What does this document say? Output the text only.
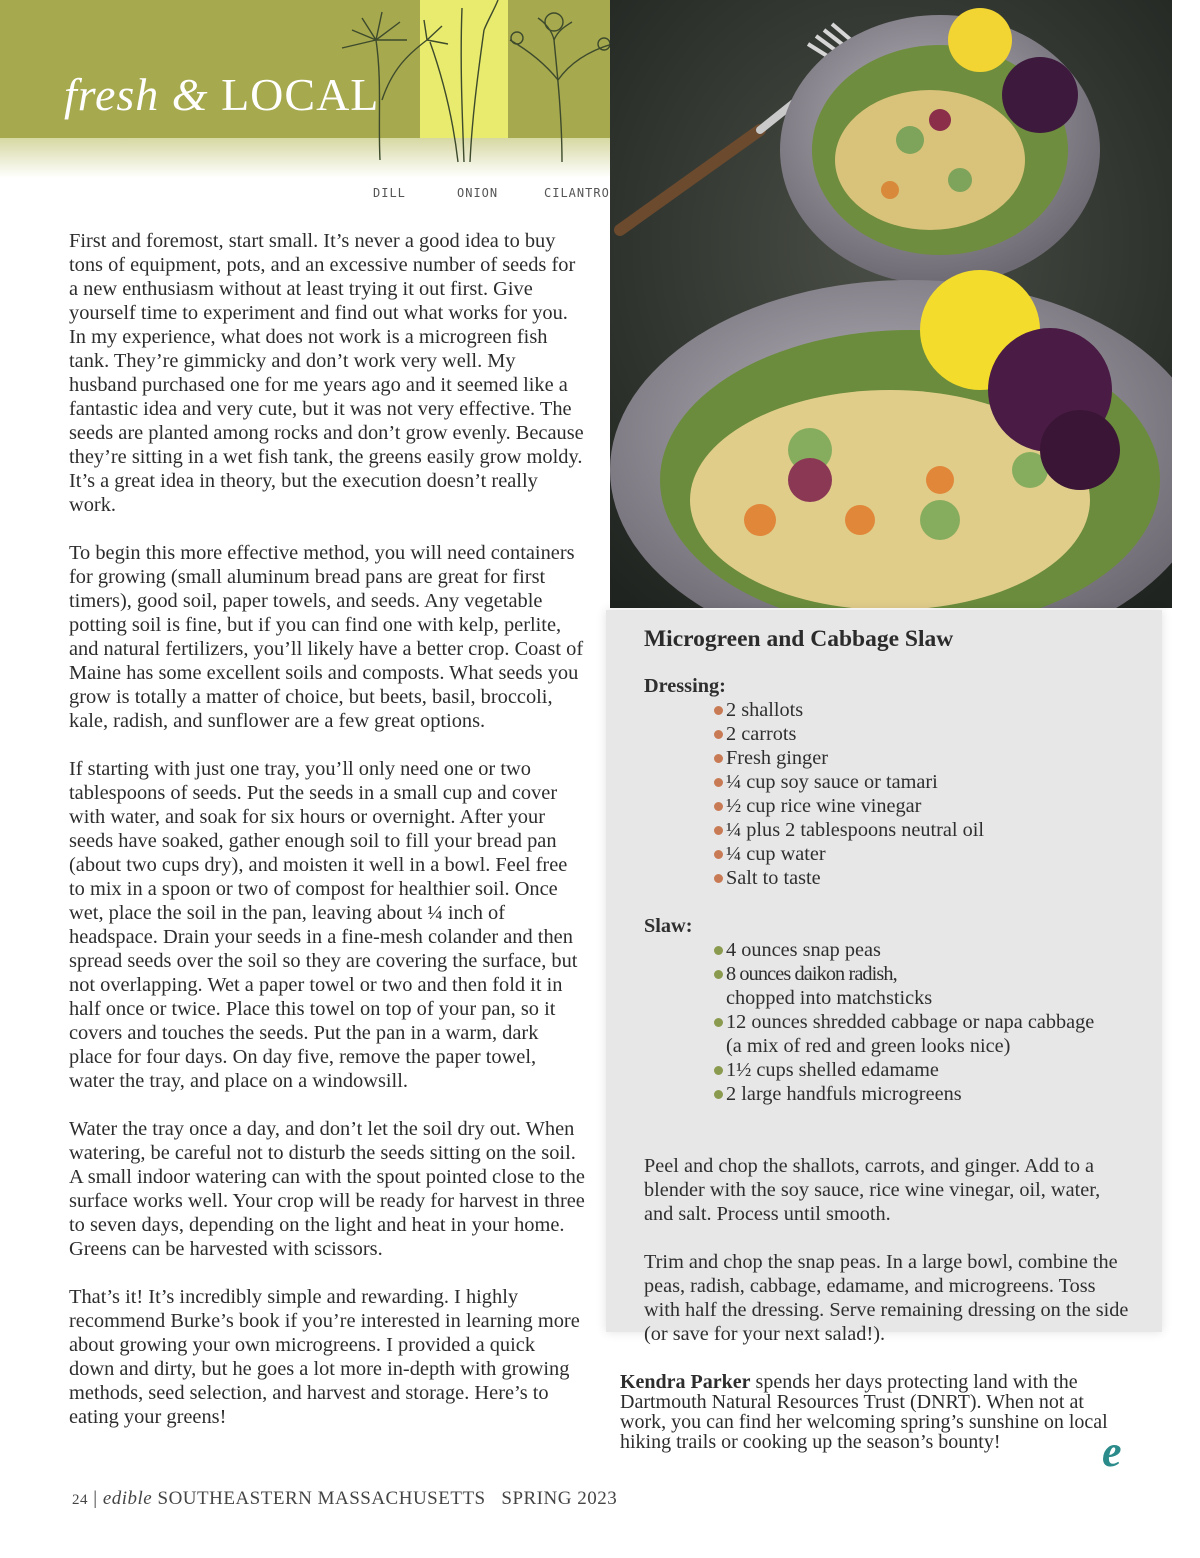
fresh & LOCAL
DILL	ONION	CILANTRO

First and foremost, start small. It’s never a good idea to buy tons of equipment, pots, and an excessive number of seeds for a new enthusiasm without at least trying it out first. Give yourself time to experiment and find out what works for you. In my experience, what does not work is a microgreen fish tank. They’re gimmicky and don’t work very well. My husband purchased one for me years ago and it seemed like a fantastic idea and very cute, but it was not very effective. The seeds are planted among rocks and don’t grow evenly. Because they’re sitting in a wet fish tank, the greens easily grow moldy. It’s a great idea in theory, but the execution doesn’t really work.

To begin this more effective method, you will need containers for growing (small aluminum bread pans are great for first timers), good soil, paper towels, and seeds. Any vegetable potting soil is fine, but if you can find one with kelp, perlite, and natural fertilizers, you’ll likely have a better crop. Coast of Maine has some excellent soils and composts. What seeds you grow is totally a matter of choice, but beets, basil, broccoli, kale, radish, and sunflower are a few great options.

If starting with just one tray, you’ll only need one or two tablespoons of seeds. Put the seeds in a small cup and cover with water, and soak for six hours or overnight. After your seeds have soaked, gather enough soil to fill your bread pan (about two cups dry), and moisten it well in a bowl. Feel free to mix in a spoon or two of compost for healthier soil. Once wet, place the soil in the pan, leaving about ¼ inch of headspace. Drain your seeds in a fine-mesh colander and then spread seeds over the soil so they are covering the surface, but not overlapping. Wet a paper towel or two and then fold it in half once or twice. Place this towel on top of your pan, so it covers and touches the seeds. Put the pan in a warm, dark place for four days. On day five, remove the paper towel, water the tray, and place on a windowsill.

Water the tray once a day, and don’t let the soil dry out. When watering, be careful not to disturb the seeds sitting on the soil. A small indoor watering can with the spout pointed close to the surface works well. Your crop will be ready for harvest in three to seven days, depending on the light and heat in your home. Greens can be harvested with scissors.

That’s it! It’s incredibly simple and rewarding. I highly recommend Burke’s book if you’re interested in learning more about growing your own microgreens. I provided a quick down and dirty, but he goes a lot more in-depth with growing methods, seed selection, and harvest and storage. Here’s to eating your greens!

Microgreen and Cabbage Slaw
Dressing:
2 shallots
2 carrots
Fresh ginger
¼ cup soy sauce or tamari
½ cup rice wine vinegar
¼ plus 2 tablespoons neutral oil
¼ cup water
Salt to taste
Slaw:
4 ounces snap peas
8 ounces daikon radish,
chopped into matchsticks
12 ounces shredded cabbage or napa cabbage
(a mix of red and green looks nice)
1½ cups shelled edamame
2 large handfuls microgreens
Peel and chop the shallots, carrots, and ginger. Add to a blender with the soy sauce, rice wine vinegar, oil, water, and salt. Process until smooth.
Trim and chop the snap peas. In a large bowl, combine the peas, radish, cabbage, edamame, and microgreens. Toss with half the dressing. Serve remaining dressing on the side (or save for your next salad!).
Kendra Parker spends her days protecting land with the Dartmouth Natural Resources Trust (DNRT). When not at work, you can find her welcoming spring’s sunshine on local hiking trails or cooking up the season’s bounty!	e
24 | edible SOUTHEASTERN MASSACHUSETTS SPRING 2023
